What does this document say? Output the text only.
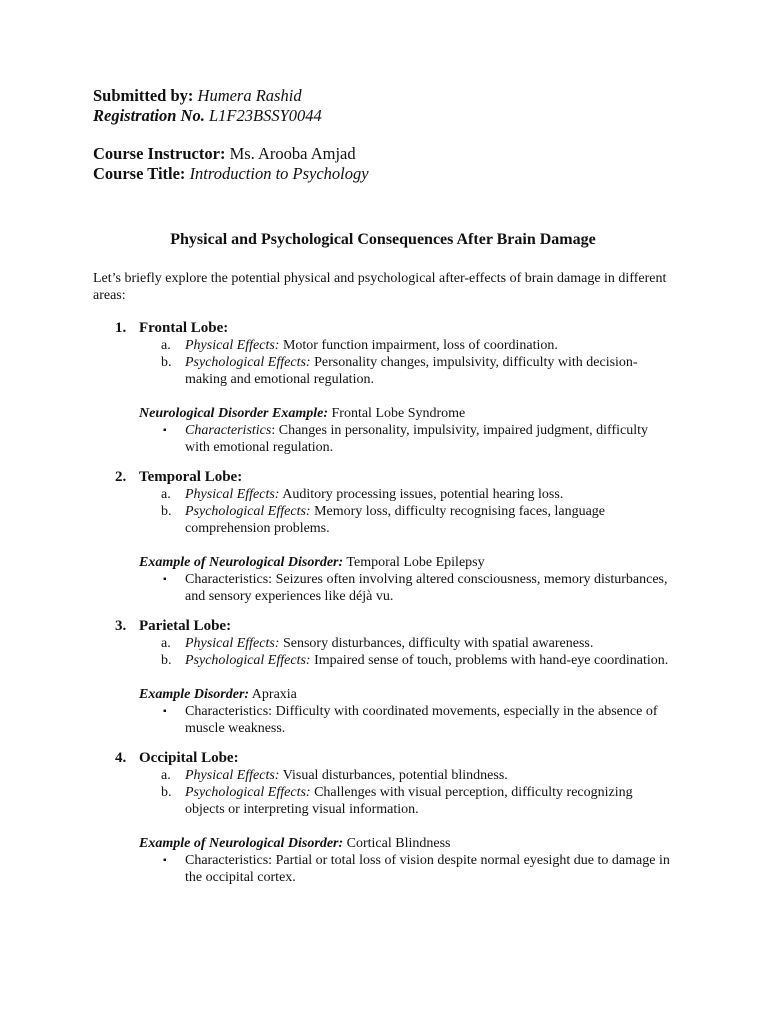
Submitted by: Humera Rashid

Registration No. L1F23BSSY0044

Course Instructor: Ms. Arooba Amjad

Course Title: Introduction to Psychology

Physical and Psychological Consequences After Brain Damage

Let’s briefly explore the potential physical and psychological after-effects of brain damage in different areas:

1. Frontal Lobe:
a. Physical Effects: Motor function impairment, loss of coordination.
b. Psychological Effects: Personality changes, impulsivity, difficulty with decision-making and emotional regulation.
Neurological Disorder Example: Frontal Lobe Syndrome
▪ Characteristics: Changes in personality, impulsivity, impaired judgment, difficulty with emotional regulation.
2. Temporal Lobe:
a. Physical Effects: Auditory processing issues, potential hearing loss.
b. Psychological Effects: Memory loss, difficulty recognising faces, language comprehension problems.
Example of Neurological Disorder: Temporal Lobe Epilepsy
▪ Characteristics: Seizures often involving altered consciousness, memory disturbances, and sensory experiences like déjà vu.
3. Parietal Lobe:
a. Physical Effects: Sensory disturbances, difficulty with spatial awareness.
b. Psychological Effects: Impaired sense of touch, problems with hand-eye coordination.
Example Disorder: Apraxia
▪ Characteristics: Difficulty with coordinated movements, especially in the absence of muscle weakness.
4. Occipital Lobe:
a. Physical Effects: Visual disturbances, potential blindness.
b. Psychological Effects: Challenges with visual perception, difficulty recognizing objects or interpreting visual information.
Example of Neurological Disorder: Cortical Blindness
▪ Characteristics: Partial or total loss of vision despite normal eyesight due to damage in the occipital cortex.
